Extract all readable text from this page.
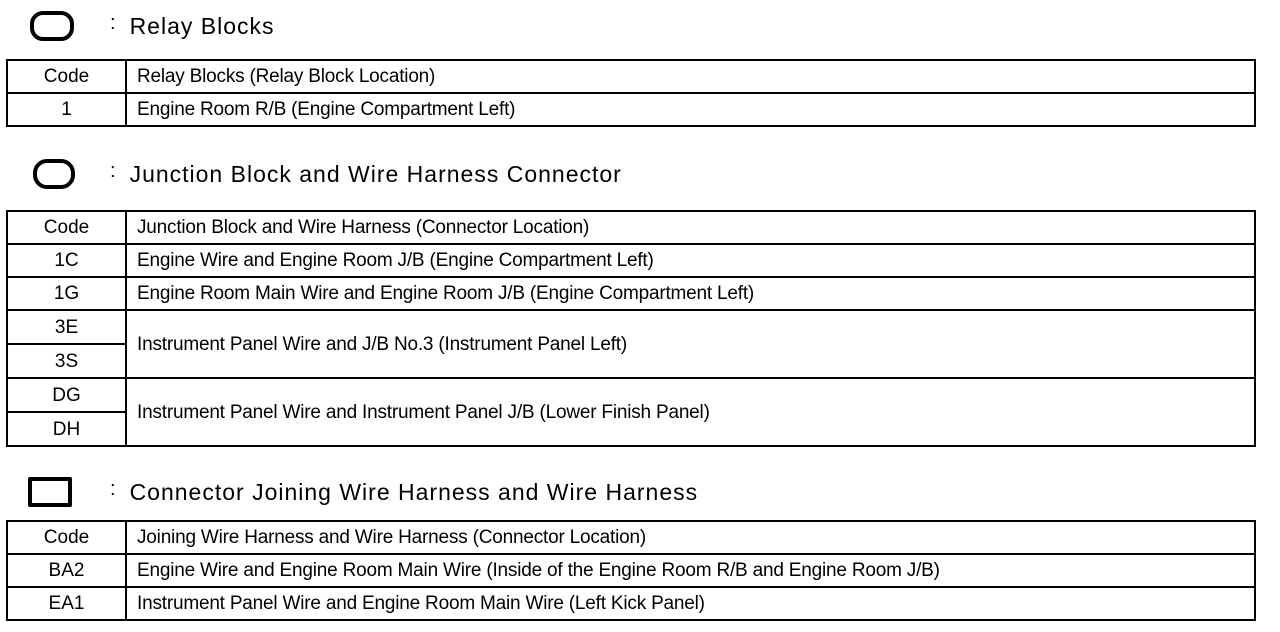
: Relay Blocks
Code	Relay Blocks (Relay Block Location)
1	Engine Room R/B (Engine Compartment Left)
: Junction Block and Wire Harness Connector
Code	Junction Block and Wire Harness (Connector Location)
1C	Engine Wire and Engine Room J/B (Engine Compartment Left)
1G	Engine Room Main Wire and Engine Room J/B (Engine Compartment Left)
3E	Instrument Panel Wire and J/B No.3 (Instrument Panel Left)
3S	
DG	Instrument Panel Wire and Instrument Panel J/B (Lower Finish Panel)
DH	
: Connector Joining Wire Harness and Wire Harness
Code	Joining Wire Harness and Wire Harness (Connector Location)
BA2	Engine Wire and Engine Room Main Wire (Inside of the Engine Room R/B and Engine Room J/B)
EA1	Instrument Panel Wire and Engine Room Main Wire (Left Kick Panel)
